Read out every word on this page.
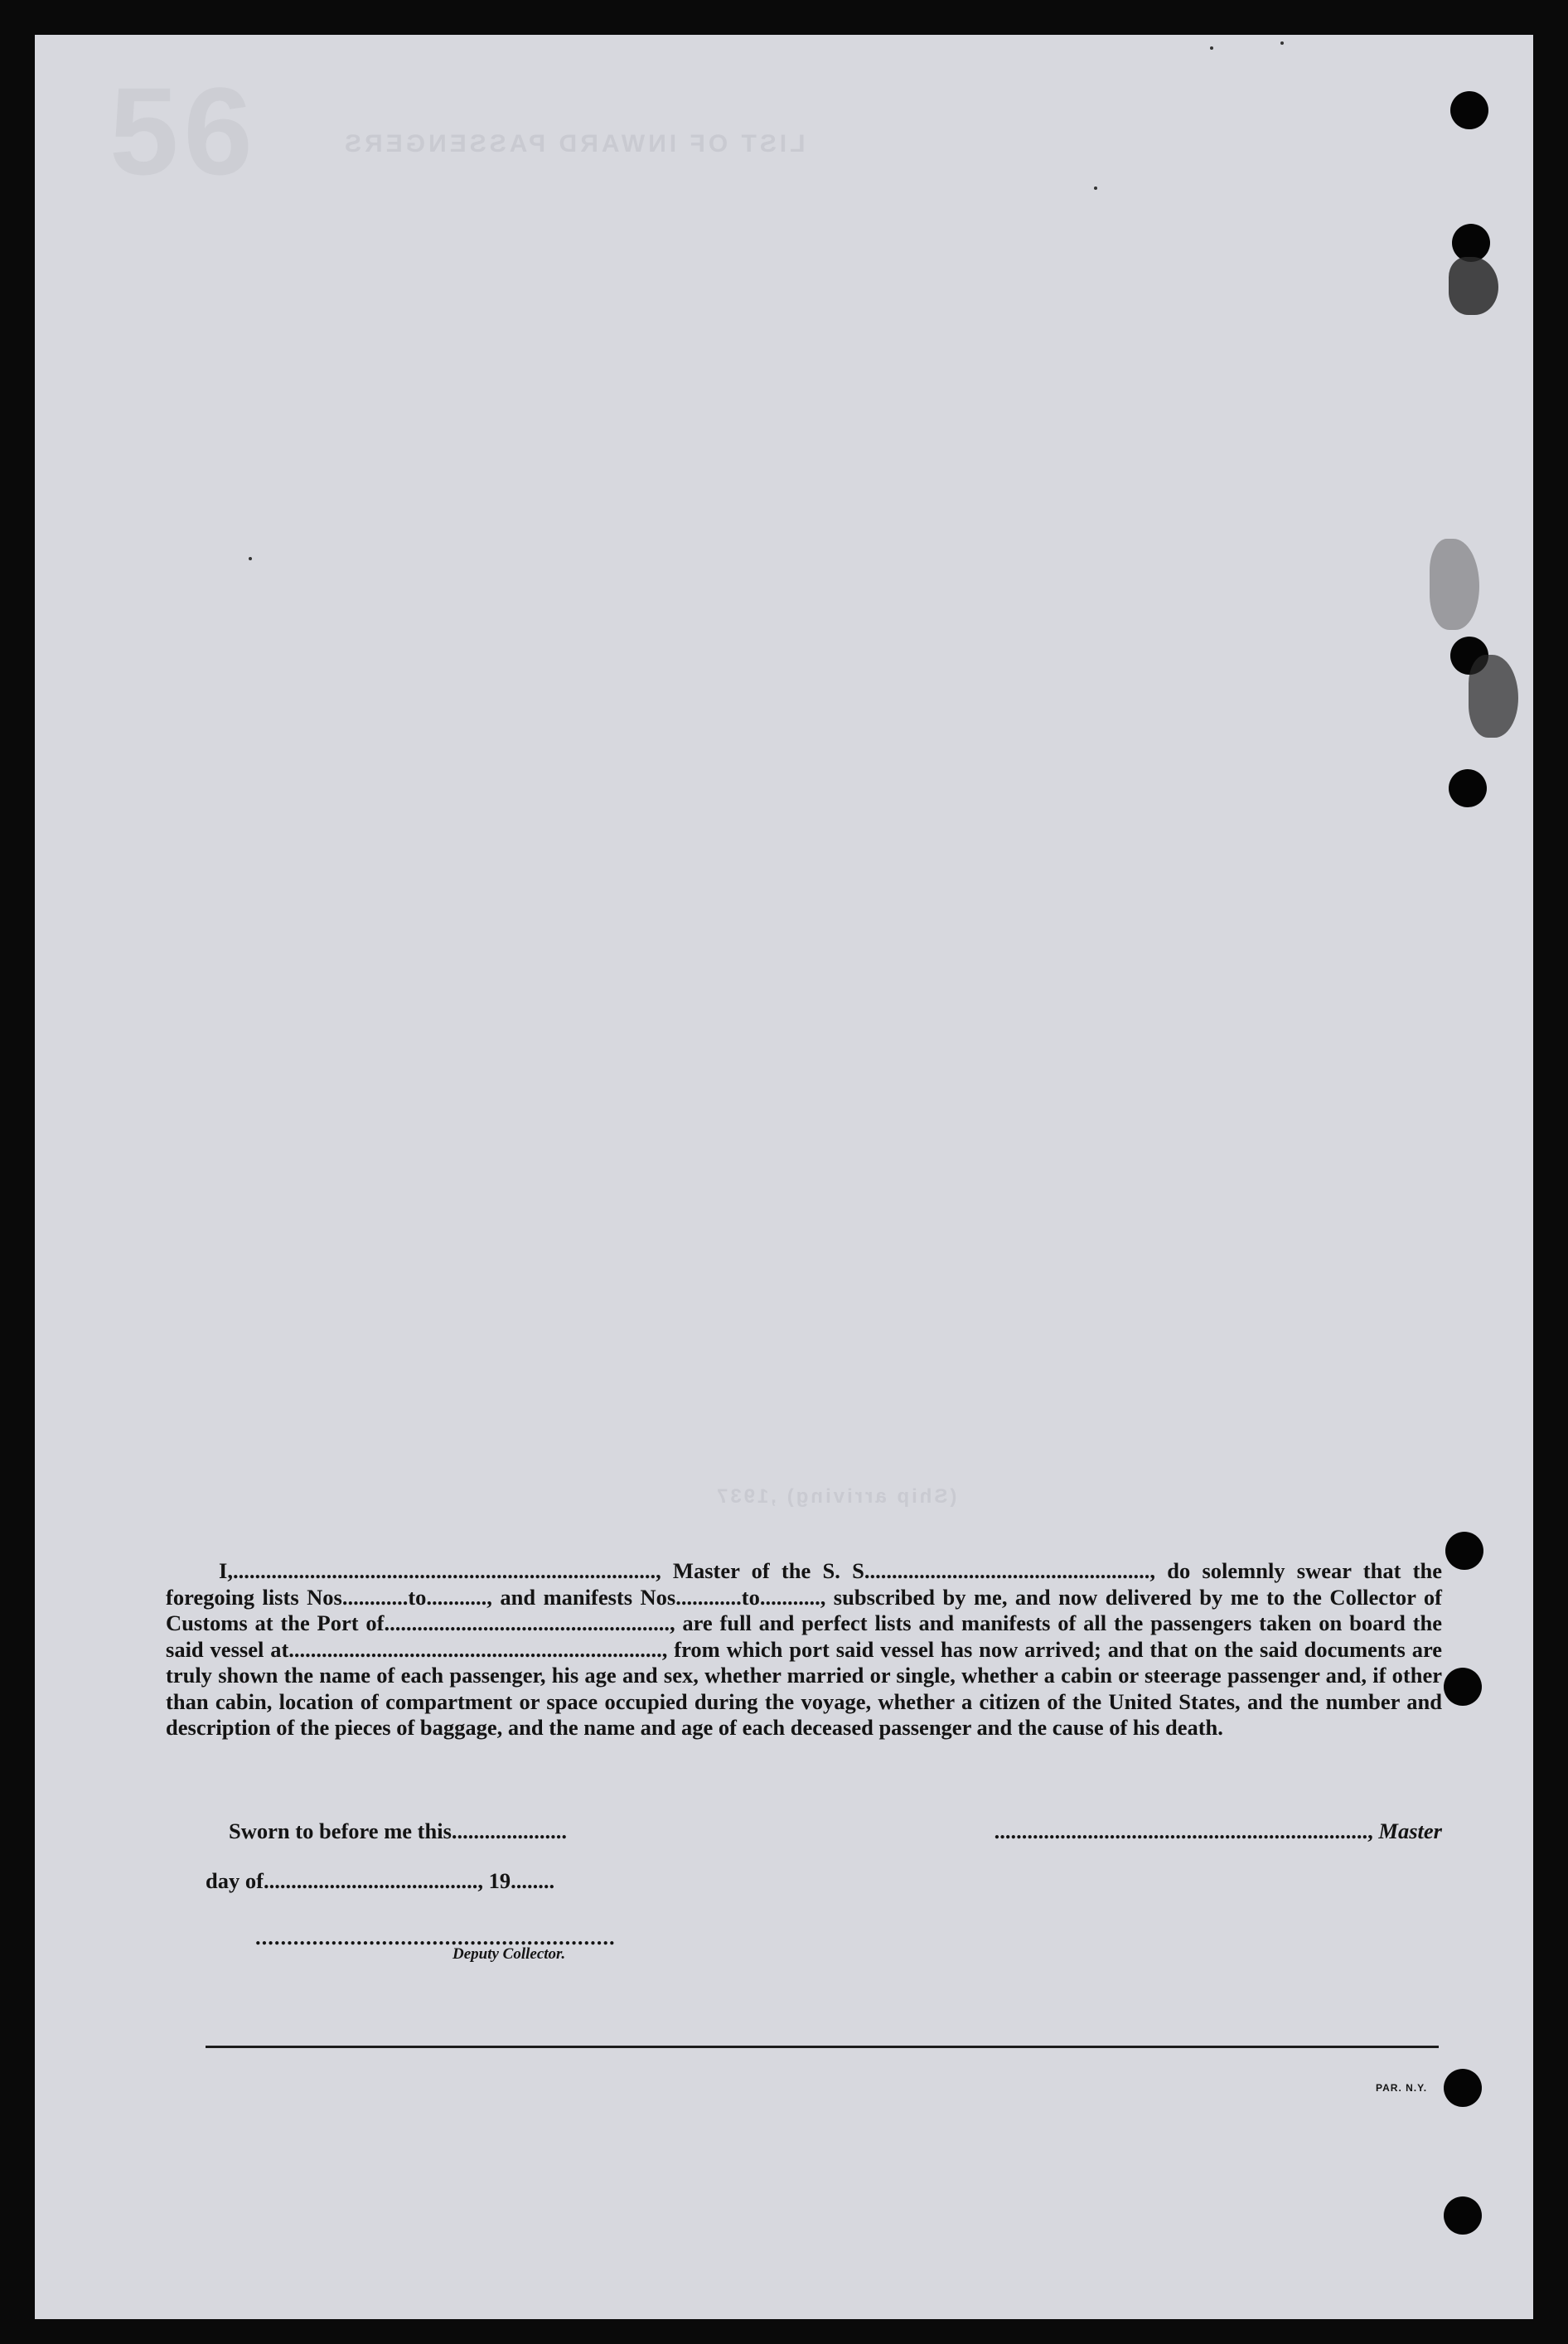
56	LIST OF INWARD PASSENGERS
(Ship arriving) ,1937

I,............................................................................., Master of the S. S...................................................., do solemnly swear that the foregoing lists Nos............to..........., and manifests Nos............to..........., subscribed by me, and now delivered by me to the Collector of Customs at the Port of...................................................., are full and perfect lists and manifests of all the passengers taken on board the said vessel at...................................................................., from which port said vessel has now arrived; and that on the said documents are truly shown the name of each passenger, his age and sex, whether married or single, whether a cabin or steerage passenger and, if other than cabin, location of compartment or space occupied during the voyage, whether a citizen of the United States, and the number and description of the pieces of baggage, and the name and age of each deceased passenger and the cause of his death.

Sworn to before me this.....................	...................................................................., Master
day of......................................., 19........
.........................................................
Deputy Collector.
PAR. N.Y.
